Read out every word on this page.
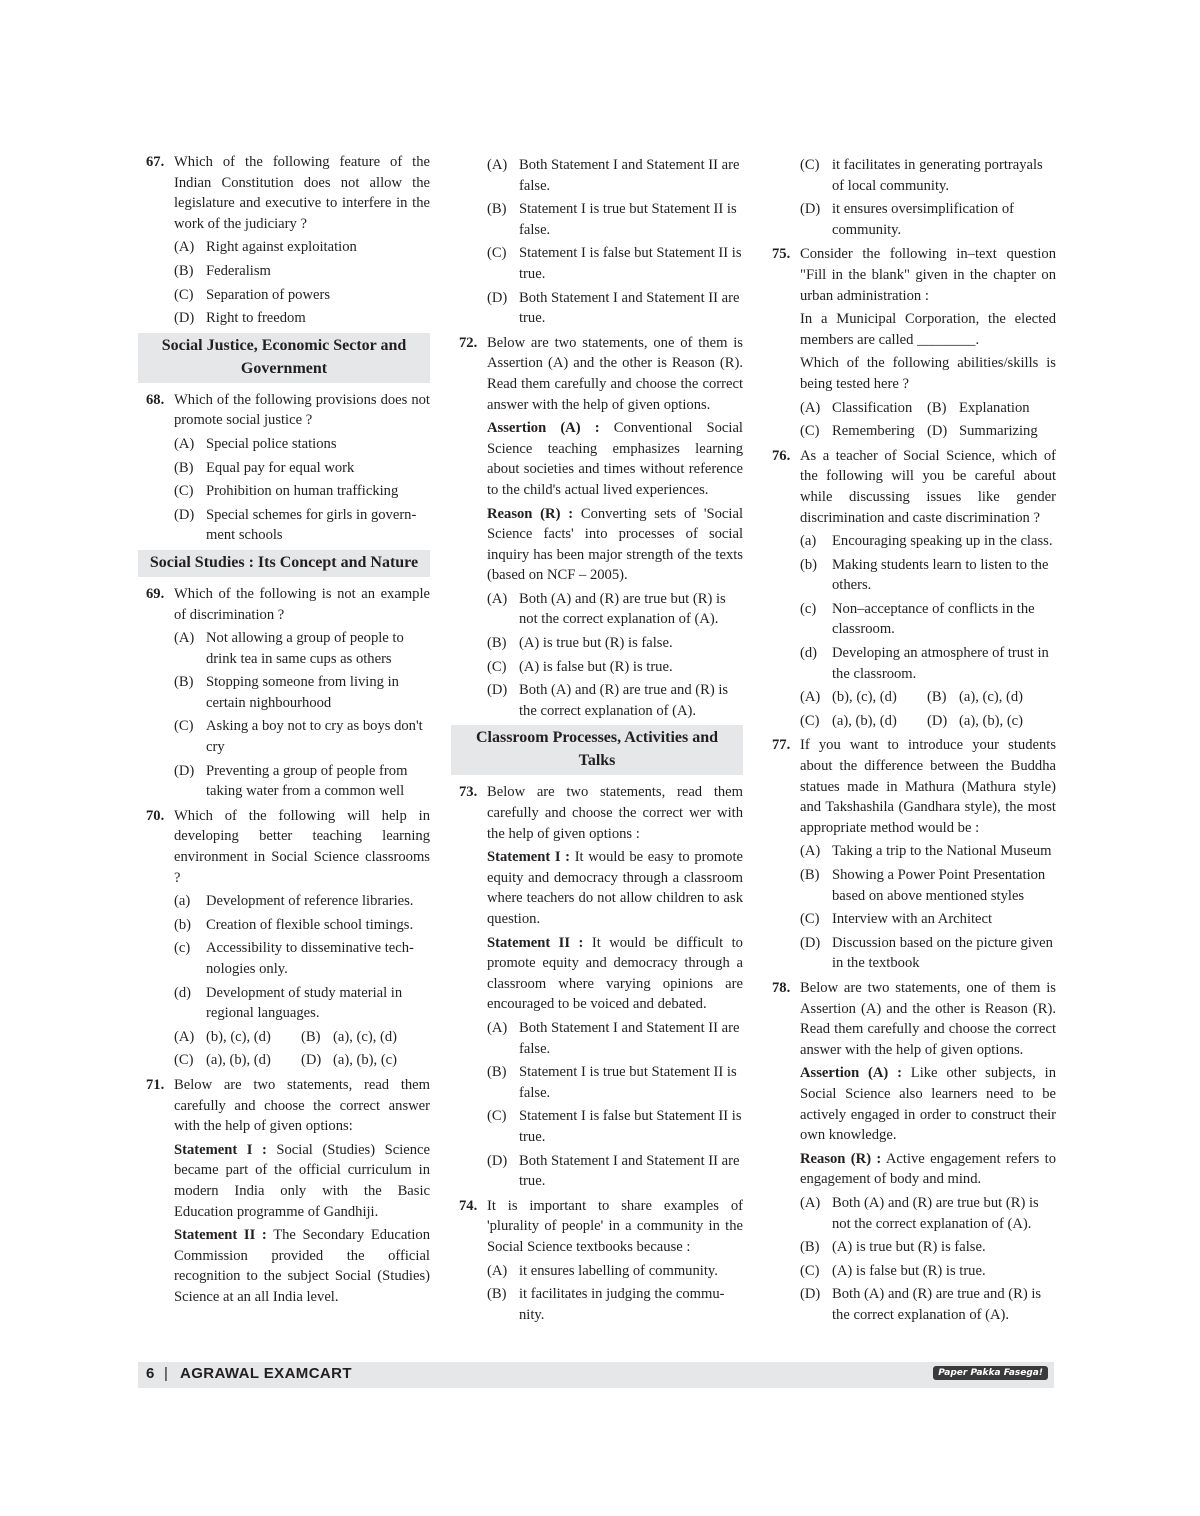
67. Which of the following feature of the Indian Constitution does not allow the legislature and executive to interfere in the work of the judiciary ?
(A) Right against exploitation
(B) Federalism
(C) Separation of powers
(D) Right to freedom
Social Justice, Economic Sector and Government
68. Which of the following provisions does not promote social justice ?
(A) Special police stations
(B) Equal pay for equal work
(C) Prohibition on human trafficking
(D) Special schemes for girls in govern-ment schools
Social Studies : Its Concept and Nature
69. Which of the following is not an example of discrimination ?
(A) Not allowing a group of people to drink tea in same cups as others
(B) Stopping someone from living in certain nighbourhood
(C) Asking a boy not to cry as boys don't cry
(D) Preventing a group of people from taking water from a common well
70. Which of the following will help in developing better teaching learning environment in Social Science classrooms ?
(a) Development of reference libraries.
(b) Creation of flexible school timings.
(c) Accessibility to disseminative tech-nologies only.
(d) Development of study material in regional languages.
(A) (b), (c), (d)	(B) (a), (c), (d)
(C) (a), (b), (d)	(D) (a), (b), (c)
71. Below are two statements, read them carefully and choose the correct answer with the help of given options:
Statement I : Social (Studies) Science became part of the official curriculum in modern India only with the Basic Education programme of Gandhiji.
Statement II : The Secondary Education Commission provided the official recognition to the subject Social (Studies) Science at an all India level.
(A) Both Statement I and Statement II are false.
(B) Statement I is true but Statement II is false.
(C) Statement I is false but Statement II is true.
(D) Both Statement I and Statement II are true.
72. Below are two statements, one of them is Assertion (A) and the other is Reason (R). Read them carefully and choose the correct answer with the help of given options.
Assertion (A) : Conventional Social Science teaching emphasizes learning about societies and times without reference to the child's actual lived experiences.
Reason (R) : Converting sets of 'Social Science facts' into processes of social inquiry has been major strength of the texts (based on NCF – 2005).
(A) Both (A) and (R) are true but (R) is not the correct explanation of (A).
(B) (A) is true but (R) is false.
(C) (A) is false but (R) is true.
(D) Both (A) and (R) are true and (R) is the correct explanation of (A).
Classroom Processes, Activities and Talks
73. Below are two statements, read them carefully and choose the correct wer with the help of given options :
Statement I : It would be easy to promote equity and democracy through a classroom where teachers do not allow children to ask question.
Statement II : It would be difficult to promote equity and democracy through a classroom where varying opinions are encouraged to be voiced and debated.
(A) Both Statement I and Statement II are false.
(B) Statement I is true but Statement II is false.
(C) Statement I is false but Statement II is true.
(D) Both Statement I and Statement II are true.
74. It is important to share examples of 'plurality of people' in a community in the Social Science textbooks because :
(A) it ensures labelling of community.
(B) it facilitates in judging the commu-nity.
(C) it facilitates in generating portrayals of local community.
(D) it ensures oversimplification of community.
75. Consider the following in–text question "Fill in the blank" given in the chapter on urban administration :
In a Municipal Corporation, the elected members are called ________.
Which of the following abilities/skills is being tested here ?
(A) Classification	(B) Explanation
(C) Remembering (D) Summarizing
76. As a teacher of Social Science, which of the following will you be careful about while discussing issues like gender discrimination and caste discrimination ?
(a) Encouraging speaking up in the class.
(b) Making students learn to listen to the others.
(c) Non–acceptance of conflicts in the classroom.
(d) Developing an atmosphere of trust in the classroom.
(A) (b), (c), (d)	(B) (a), (c), (d)
(C) (a), (b), (d)	(D) (a), (b), (c)
77. If you want to introduce your students about the difference between the Buddha statues made in Mathura (Mathura style) and Takshashila (Gandhara style), the most appropriate method would be :
(A) Taking a trip to the National Museum
(B) Showing a Power Point Presentation based on above mentioned styles
(C) Interview with an Architect
(D) Discussion based on the picture given in the textbook
78. Below are two statements, one of them is Assertion (A) and the other is Reason (R). Read them carefully and choose the correct answer with the help of given options.
Assertion (A) : Like other subjects, in Social Science also learners need to be actively engaged in order to construct their own knowledge.
Reason (R) : Active engagement refers to engagement of body and mind.
(A) Both (A) and (R) are true but (R) is not the correct explanation of (A).
(B) (A) is true but (R) is false.
(C) (A) is false but (R) is true.
(D) Both (A) and (R) are true and (R) is the correct explanation of (A).
6 | AGRAWAL EXAMCART	Paper Pakka Fasega!
